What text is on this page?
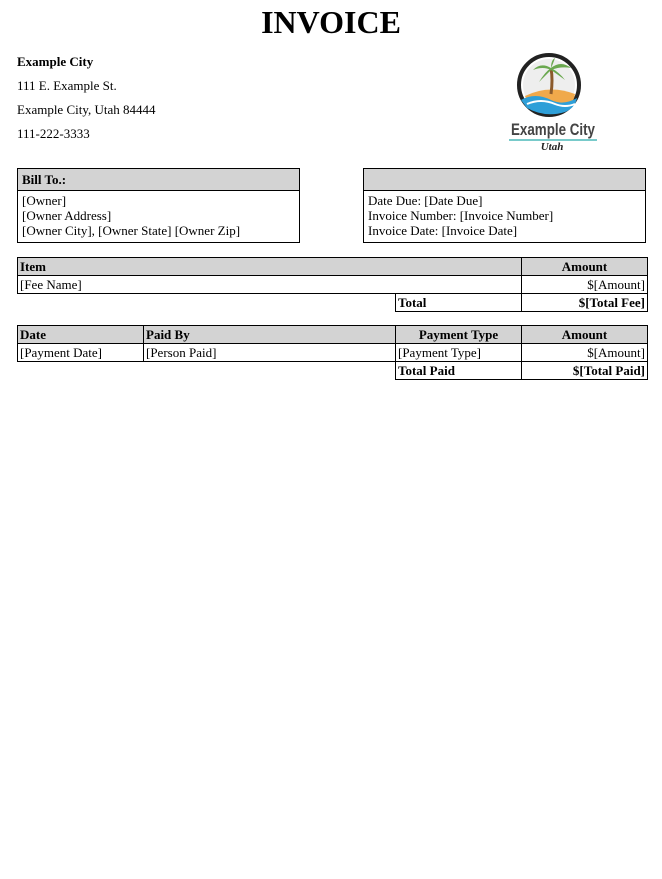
INVOICE
Example City
111 E. Example St.
Example City, Utah 84444
111-222-3333	Example City
Utah
Bill To.:
[Owner]
[Owner Address]
[Owner City], [Owner State] [Owner Zip]
Date Due: [Date Due]
Invoice Number: [Invoice Number]
Invoice Date: [Invoice Date]
Item		Amount
[Fee Name]		$[Amount]
	Total	$[Total Fee]
Date	Paid By	Payment Type	Amount
[Payment Date]	[Person Paid]	[Payment Type]	$[Amount]
		Total Paid	$[Total Paid]
